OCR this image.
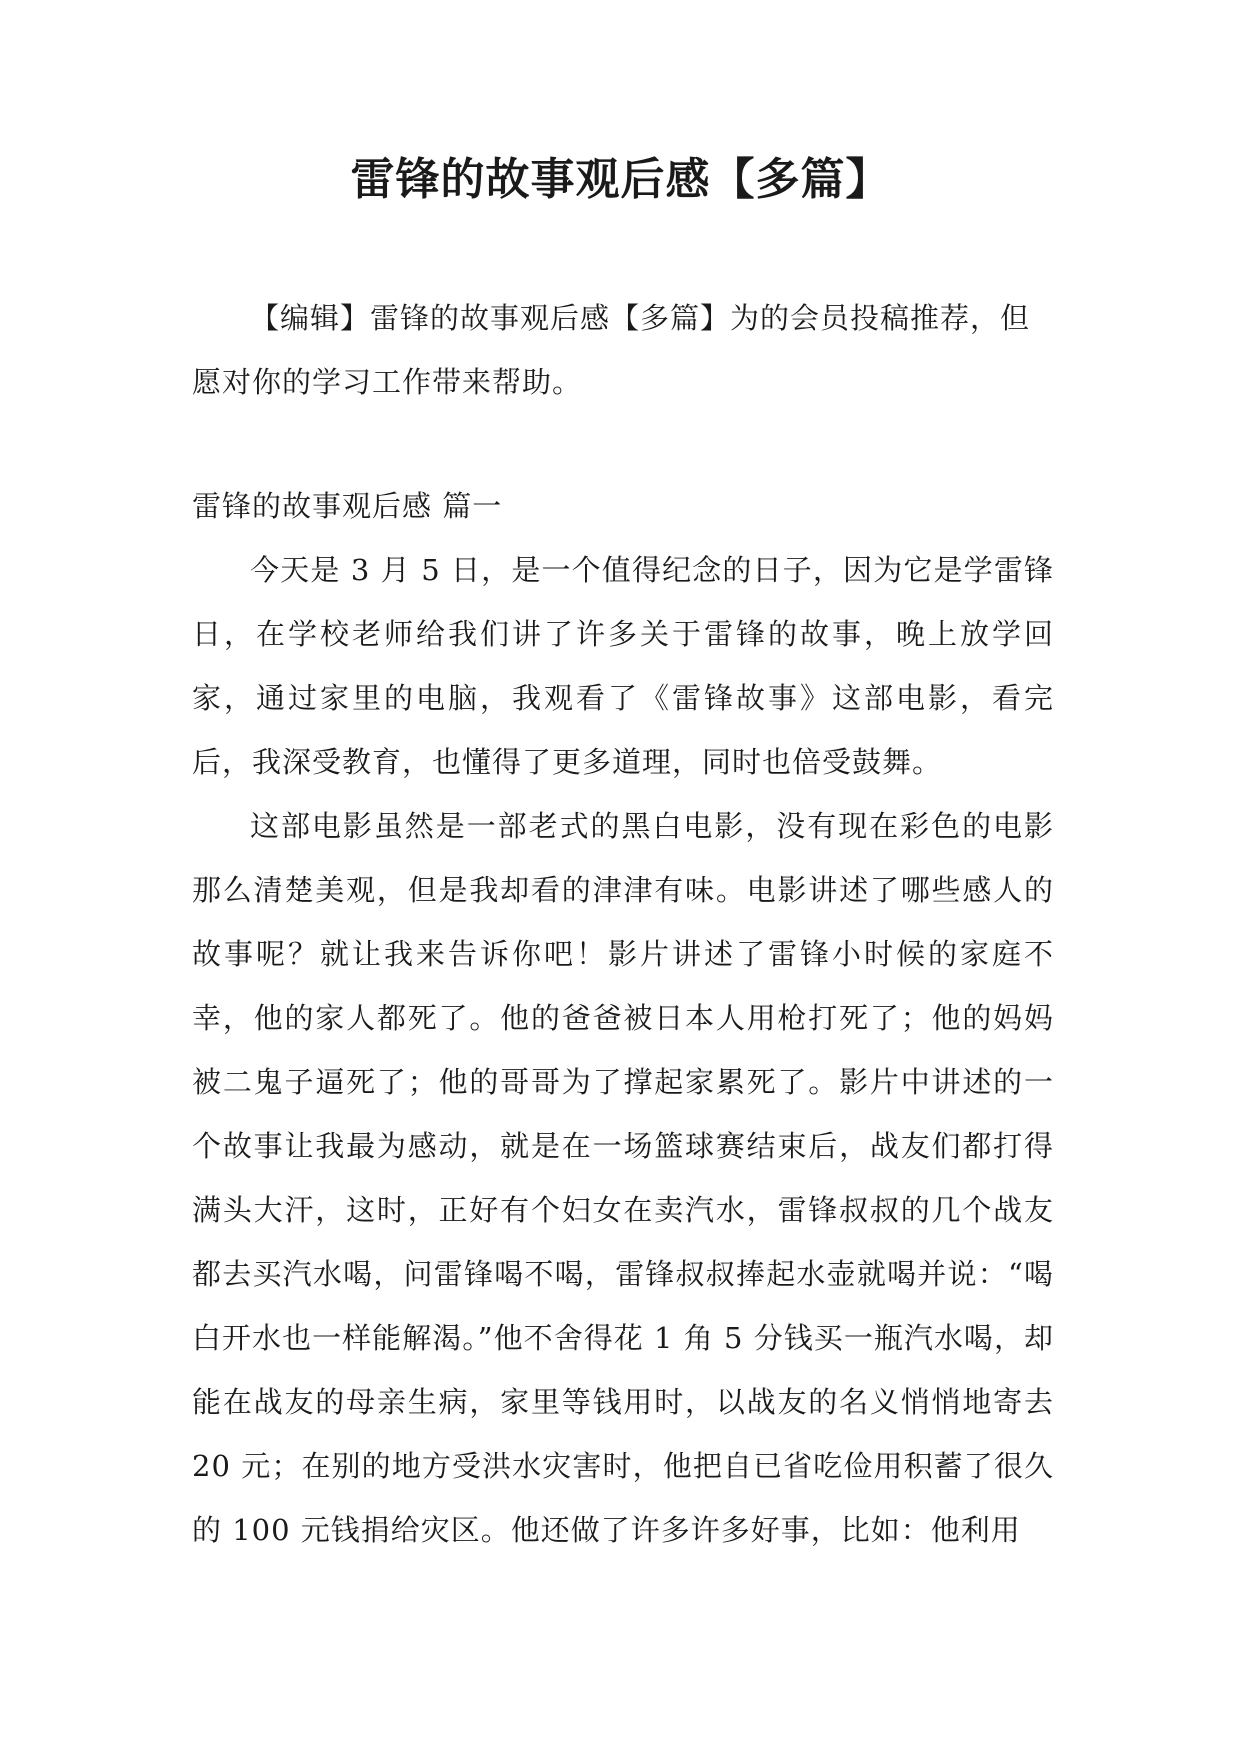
雷锋的故事观后感【多篇】

【编辑】雷锋的故事观后感【多篇】为的会员投稿推荐，但愿对你的学习工作带来帮助。

雷锋的故事观后感 篇一

今天是 3 月 5 日，是一个值得纪念的日子，因为它是学雷锋日，在学校老师给我们讲了许多关于雷锋的故事，晚上放学回家，通过家里的电脑，我观看了《雷锋故事》这部电影，看完后，我深受教育，也懂得了更多道理，同时也倍受鼓舞。

这部电影虽然是一部老式的黑白电影，没有现在彩色的电影那么清楚美观，但是我却看的津津有味。电影讲述了哪些感人的故事呢？就让我来告诉你吧！影片讲述了雷锋小时候的家庭不幸，他的家人都死了。他的爸爸被日本人用枪打死了；他的妈妈被二鬼子逼死了；他的哥哥为了撑起家累死了。影片中讲述的一个故事让我最为感动，就是在一场篮球赛结束后，战友们都打得满头大汗，这时，正好有个妇女在卖汽水，雷锋叔叔的几个战友都去买汽水喝，问雷锋喝不喝，雷锋叔叔捧起水壶就喝并说：“喝白开水也一样能解渴。”他不舍得花 1 角 5 分钱买一瓶汽水喝，却能在战友的母亲生病，家里等钱用时，以战友的名义悄悄地寄去 20 元；在别的地方受洪水灾害时，他把自已省吃俭用积蓄了很久的 100 元钱捐给灾区。他还做了许多许多好事，比如：他利用
